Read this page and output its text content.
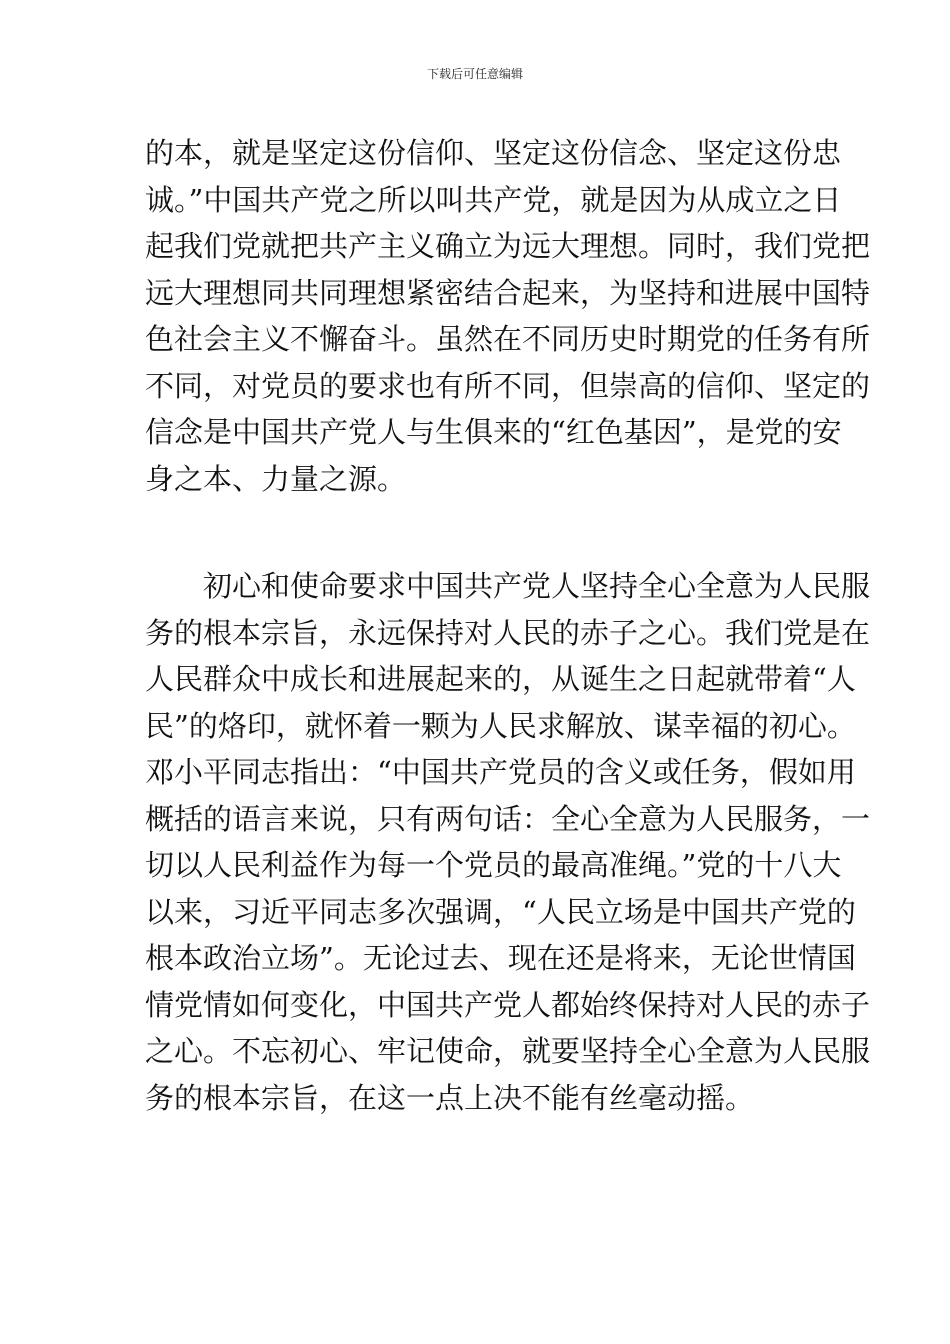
下载后可任意编辑
的本，就是坚定这份信仰、坚定这份信念、坚定这份忠
诚。”中国共产党之所以叫共产党，就是因为从成立之日
起我们党就把共产主义确立为远大理想。同时，我们党把
远大理想同共同理想紧密结合起来，为坚持和进展中国特
色社会主义不懈奋斗。虽然在不同历史时期党的任务有所
不同，对党员的要求也有所不同，但崇高的信仰、坚定的
信念是中国共产党人与生俱来的“红色基因”，是党的安
身之本、力量之源。
初心和使命要求中国共产党人坚持全心全意为人民服
务的根本宗旨，永远保持对人民的赤子之心。我们党是在
人民群众中成长和进展起来的，从诞生之日起就带着“人
民”的烙印，就怀着一颗为人民求解放、谋幸福的初心。
邓小平同志指出：“中国共产党员的含义或任务，假如用
概括的语言来说，只有两句话：全心全意为人民服务，一
切以人民利益作为每一个党员的最高准绳。”党的十八大
以来，习近平同志多次强调，“人民立场是中国共产党的
根本政治立场”。无论过去、现在还是将来，无论世情国
情党情如何变化，中国共产党人都始终保持对人民的赤子
之心。不忘初心、牢记使命，就要坚持全心全意为人民服
务的根本宗旨，在这一点上决不能有丝毫动摇。
